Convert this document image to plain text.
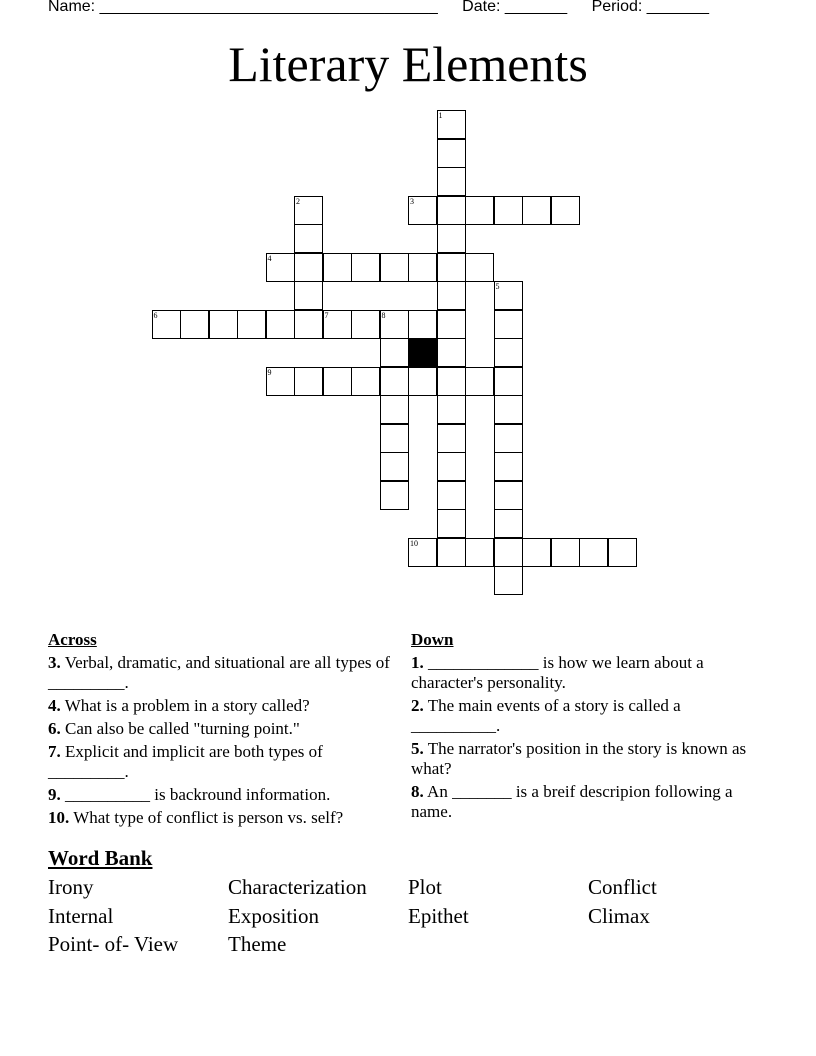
Name: ______________________________________ Date: _______ Period: _______
Literary Elements
1
2	3
4
5
6	7	8
9
10
Across
3. Verbal, dramatic, and situational are all types of _________.
4. What is a problem in a story called?
6. Can also be called "turning point."
7. Explicit and implicit are both types of _________.
9. __________ is backround information.
10. What type of conflict is person vs. self?
Down
1. _____________ is how we learn about a character's personality.
2. The main events of a story is called a __________.
5. The narrator's position in the story is known as what?
8. An _______ is a breif descripion following a name.
Word Bank
Irony	Characterization	Plot	Conflict
Internal	Exposition	Epithet	Climax
Point- of- View	Theme
